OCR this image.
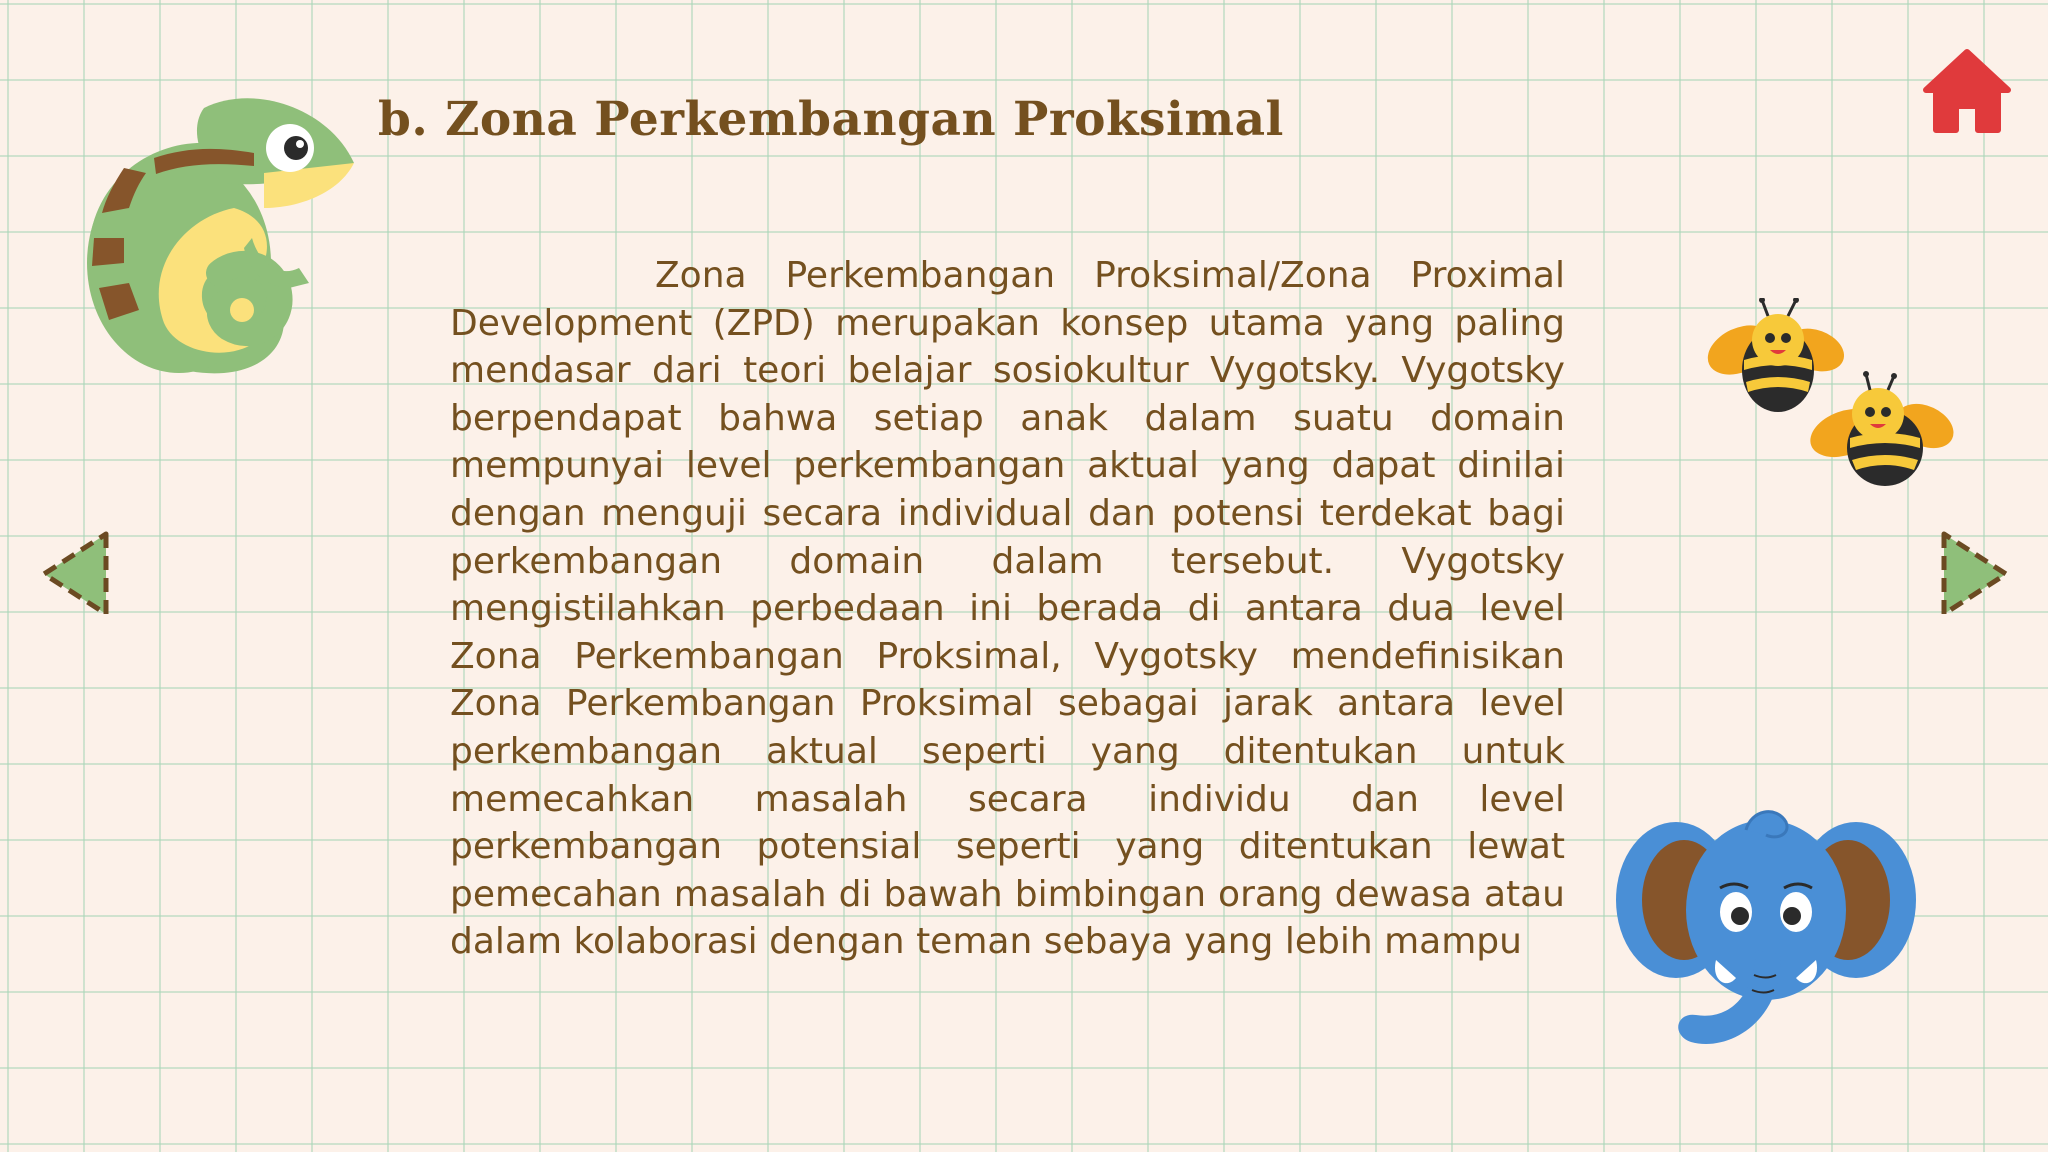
b. Zona Perkembangan Proksimal

Zona Perkembangan Proksimal/Zona Proximal Development (ZPD) merupakan konsep utama yang paling mendasar dari teori belajar sosiokultur Vygotsky. Vygotsky berpendapat bahwa setiap anak dalam suatu domain mempunyai level perkembangan aktual yang dapat dinilai dengan menguji secara individual dan potensi terdekat bagi perkembangan domain dalam tersebut. Vygotsky mengistilahkan perbedaan ini berada di antara dua level Zona Perkembangan Proksimal, Vygotsky mendefinisikan Zona Perkembangan Proksimal sebagai jarak antara level perkembangan aktual seperti yang ditentukan untuk memecahkan masalah secara individu dan level perkembangan potensial seperti yang ditentukan lewat pemecahan masalah di bawah bimbingan orang dewasa atau dalam kolaborasi dengan teman sebaya yang lebih mampu
